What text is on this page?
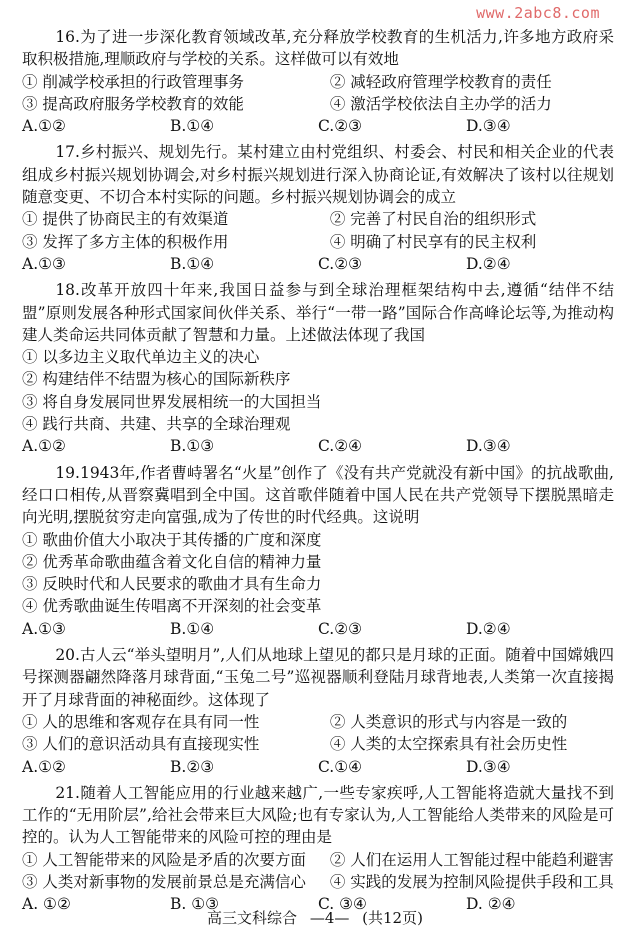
www.2abc8.com

16.为了进一步深化教育领域改革,充分释放学校教育的生机活力,许多地方政府采取积极措施,理顺政府与学校的关系。这样做可以有效地

① 削减学校承担的行政管理事务	② 减轻政府管理学校教育的责任

③ 提高政府服务学校教育的效能	④ 激活学校依法自主办学的活力

A.①②	B.①④	C.②③	D.③④

17.乡村振兴、规划先行。某村建立由村党组织、村委会、村民和相关企业的代表组成乡村振兴规划协调会,对乡村振兴规划进行深入协商论证,有效解决了该村以往规划随意变更、不切合本村实际的问题。乡村振兴规划协调会的成立

① 提供了协商民主的有效渠道	② 完善了村民自治的组织形式

③ 发挥了多方主体的积极作用	④ 明确了村民享有的民主权利

A.①③	B.①④	C.②③	D.②④

18.改革开放四十年来,我国日益参与到全球治理框架结构中去,遵循“结伴不结盟”原则发展各种形式国家间伙伴关系、举行“一带一路”国际合作高峰论坛等,为推动构建人类命运共同体贡献了智慧和力量。上述做法体现了我国

① 以多边主义取代单边主义的决心

② 构建结伴不结盟为核心的国际新秩序

③ 将自身发展同世界发展相统一的大国担当

④ 践行共商、共建、共享的全球治理观

A.①②	B.①③	C.②④	D.③④

19.1943年,作者曹峙署名“火星”创作了《没有共产党就没有新中国》的抗战歌曲,经口口相传,从晋察冀唱到全中国。这首歌伴随着中国人民在共产党领导下摆脱黑暗走向光明,摆脱贫穷走向富强,成为了传世的时代经典。这说明

① 歌曲价值大小取决于其传播的广度和深度

② 优秀革命歌曲蕴含着文化自信的精神力量

③ 反映时代和人民要求的歌曲才具有生命力

④ 优秀歌曲诞生传唱离不开深刻的社会变革

A.①③	B.①④	C.②③	D.②④

20.古人云“举头望明月”,人们从地球上望见的都只是月球的正面。随着中国嫦娥四号探测器翩然降落月球背面,“玉兔二号”巡视器顺利登陆月球背地表,人类第一次直接揭开了月球背面的神秘面纱。这体现了

① 人的思维和客观存在具有同一性	② 人类意识的形式与内容是一致的

③ 人们的意识活动具有直接现实性	④ 人类的太空探索具有社会历史性

A.①②	B.②③	C.①④	D.③④

21.随着人工智能应用的行业越来越广,一些专家疾呼,人工智能将造就大量找不到工作的“无用阶层”,给社会带来巨大风险;也有专家认为,人工智能给人类带来的风险是可控的。认为人工智能带来的风险可控的理由是

① 人工智能带来的风险是矛盾的次要方面	② 人们在运用人工智能过程中能趋利避害

③ 人类对新事物的发展前景总是充满信心	④ 实践的发展为控制风险提供手段和工具

A. ①②	B. ①③	C. ③④	D. ②④
高三文科综合 —4— (共12页)
